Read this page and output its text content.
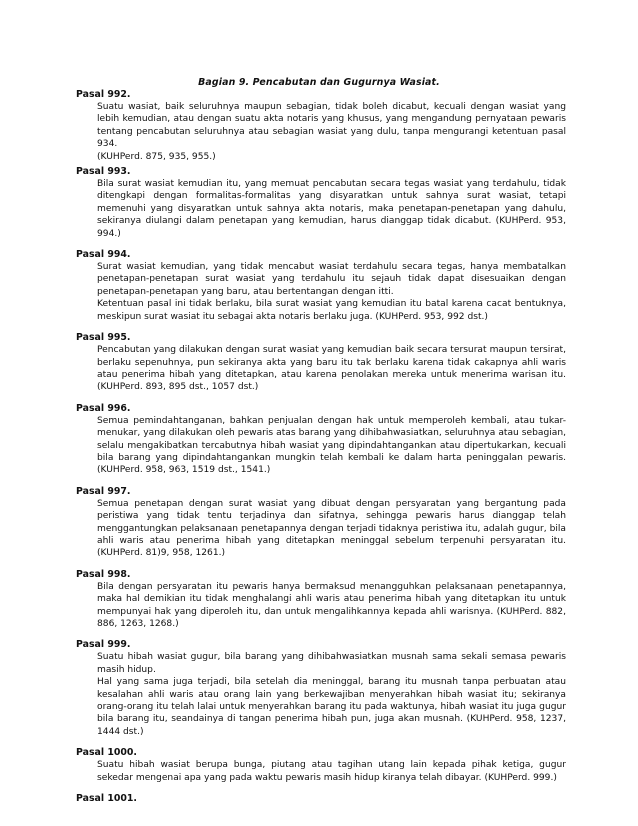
Bagian 9. Pencabutan dan Gugurnya Wasiat.
Pasal 992.
Suatu wasiat, baik seluruhnya maupun sebagian, tidak boleh dicabut, kecuali dengan wasiat yang lebih kemudian, atau dengan suatu akta notaris yang khusus, yang mengandung pernyataan pewaris tentang pencabutan seluruhnya atau sebagian wasiat yang dulu, tanpa mengurangi ketentuan pasal 934.
(KUHPerd. 875, 935, 955.)
Pasal 993.
Bila surat wasiat kemudian itu, yang memuat pencabutan secara tegas wasiat yang terdahulu, tidak ditengkapi dengan formalitas-formalitas yang disyaratkan untuk sahnya surat wasiat, tetapi memenuhi yang disyaratkan untuk sahnya akta notaris, maka penetapan-penetapan yang dahulu, sekiranya diulangi dalam penetapan yang kemudian, harus dianggap tidak dicabut. (KUHPerd. 953, 994.)
Pasal 994.
Surat wasiat kemudian, yang tidak mencabut wasiat terdahulu secara tegas, hanya membatalkan penetapan-penetapan surat wasiat yang terdahulu itu sejauh tidak dapat disesuaikan dengan penetapan-penetapan yang baru, atau bertentangan dengan itti.
Ketentuan pasal ini tidak berlaku, bila surat wasiat yang kemudian itu batal karena cacat bentuknya, meskipun surat wasiat itu sebagai akta notaris berlaku juga. (KUHPerd. 953, 992 dst.)
Pasal 995.
Pencabutan yang dilakukan dengan surat wasiat yang kemudian baik secara tersurat maupun tersirat, berlaku sepenuhnya, pun sekiranya akta yang baru itu tak berlaku karena tidak cakapnya ahli waris atau penerima hibah yang ditetapkan, atau karena penolakan mereka untuk menerima warisan itu. (KUHPerd. 893, 895 dst., 1057 dst.)
Pasal 996.
Semua pemindahtanganan, bahkan penjualan dengan hak untuk memperoleh kembali, atau tukar-menukar, yang dilakukan oleh pewaris atas barang yang dihibahwasiatkan, seluruhnya atau sebagian, selalu mengakibatkan tercabutnya hibah wasiat yang dipindahtangankan atau dipertukarkan, kecuali bila barang yang dipindahtangankan mungkin telah kembali ke dalam harta peninggalan pewaris. (KUHPerd. 958, 963, 1519 dst., 1541.)
Pasal 997.
Semua penetapan dengan surat wasiat yang dibuat dengan persyaratan yang bergantung pada peristiwa yang tidak tentu terjadinya dan sifatnya, sehingga pewaris harus dianggap telah menggantungkan pelaksanaan penetapannya dengan terjadi tidaknya peristiwa itu, adalah gugur, bila ahli waris atau penerima hibah yang ditetapkan meninggal sebelum terpenuhi persyaratan itu. (KUHPerd. 81)9, 958, 1261.)
Pasal 998.
Bila dengan persyaratan itu pewaris hanya bermaksud menangguhkan pelaksanaan penetapannya, maka hal demikian itu tidak menghalangi ahli waris atau penerima hibah yang ditetapkan itu untuk mempunyai hak yang diperoleh itu, dan untuk mengalihkannya kepada ahli warisnya. (KUHPerd. 882, 886, 1263, 1268.)
Pasal 999.
Suatu hibah wasiat gugur, bila barang yang dihibahwasiatkan musnah sama sekali semasa pewaris masih hidup.
Hal yang sama juga terjadi, bila setelah dia meninggal, barang itu musnah tanpa perbuatan atau kesalahan ahli waris atau orang lain yang berkewajiban menyerahkan hibah wasiat itu; sekiranya orang-orang itu telah lalai untuk menyerahkan barang itu pada waktunya, hibah wasiat itu juga gugur bila barang itu, seandainya di tangan penerima hibah pun, juga akan musnah. (KUHPerd. 958, 1237, 1444 dst.)
Pasal 1000.
Suatu hibah wasiat berupa bunga, piutang atau tagihan utang lain kepada pihak ketiga, gugur sekedar mengenai apa yang pada waktu pewaris masih hidup kiranya telah dibayar. (KUHPerd. 999.)
Pasal 1001.
